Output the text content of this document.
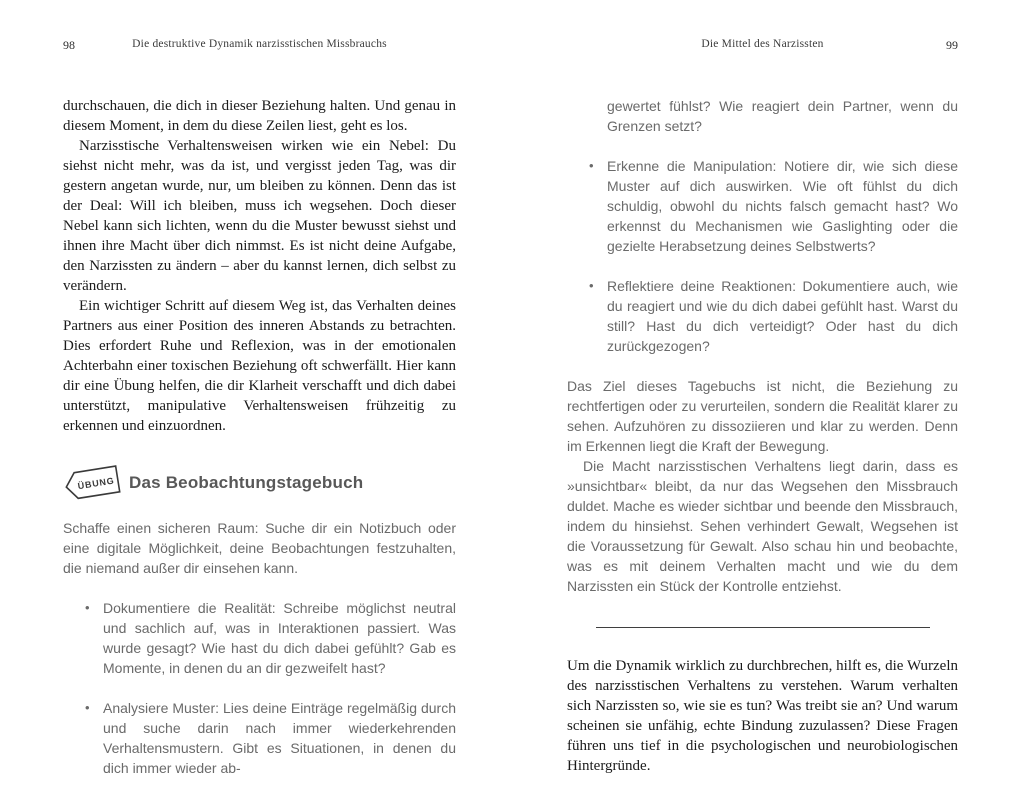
98	Die destruktive Dynamik narzisstischen Missbrauchs

durchschauen, die dich in dieser Beziehung halten. Und genau in diesem Moment, in dem du diese Zeilen liest, geht es los.

Narzisstische Verhaltensweisen wirken wie ein Nebel: Du siehst nicht mehr, was da ist, und vergisst jeden Tag, was dir gestern angetan wurde, nur, um bleiben zu können. Denn das ist der Deal: Will ich bleiben, muss ich wegsehen. Doch dieser Nebel kann sich lichten, wenn du die Muster bewusst siehst und ihnen ihre Macht über dich nimmst. Es ist nicht deine Aufgabe, den Narzissten zu ändern – aber du kannst lernen, dich selbst zu verändern.

Ein wichtiger Schritt auf diesem Weg ist, das Verhalten deines Partners aus einer Position des inneren Abstands zu betrachten. Dies erfordert Ruhe und Reflexion, was in der emotionalen Achterbahn einer toxischen Beziehung oft schwerfällt. Hier kann dir eine Übung helfen, die dir Klarheit verschafft und dich dabei unterstützt, manipulative Verhaltensweisen frühzeitig zu erkennen und einzuordnen.

ÜBUNG Das Beobachtungstagebuch

Schaffe einen sicheren Raum: Suche dir ein Notizbuch oder eine digitale Möglichkeit, deine Beobachtungen festzuhalten, die niemand außer dir einsehen kann.

• Dokumentiere die Realität: Schreibe möglichst neutral und sachlich auf, was in Interaktionen passiert. Was wurde gesagt? Wie hast du dich dabei gefühlt? Gab es Momente, in denen du an dir gezweifelt hast?
• Analysiere Muster: Lies deine Einträge regelmäßig durch und suche darin nach immer wiederkehrenden Verhaltensmustern. Gibt es Situationen, in denen du dich immer wieder ab-
Die Mittel des Narzissten	99

gewertet fühlst? Wie reagiert dein Partner, wenn du Grenzen setzt?

• Erkenne die Manipulation: Notiere dir, wie sich diese Muster auf dich auswirken. Wie oft fühlst du dich schuldig, obwohl du nichts falsch gemacht hast? Wo erkennst du Mechanismen wie Gaslighting oder die gezielte Herabsetzung deines Selbstwerts?
• Reflektiere deine Reaktionen: Dokumentiere auch, wie du reagiert und wie du dich dabei gefühlt hast. Warst du still? Hast du dich verteidigt? Oder hast du dich zurückgezogen?

Das Ziel dieses Tagebuchs ist nicht, die Beziehung zu rechtfertigen oder zu verurteilen, sondern die Realität klarer zu sehen. Aufzuhören zu dissoziieren und klar zu werden. Denn im Erkennen liegt die Kraft der Bewegung.

Die Macht narzisstischen Verhaltens liegt darin, dass es »unsichtbar« bleibt, da nur das Wegsehen den Missbrauch duldet. Mache es wieder sichtbar und beende den Missbrauch, indem du hinsiehst. Sehen verhindert Gewalt, Wegsehen ist die Voraussetzung für Gewalt. Also schau hin und beobachte, was es mit deinem Verhalten macht und wie du dem Narzissten ein Stück der Kontrolle entziehst.

Um die Dynamik wirklich zu durchbrechen, hilft es, die Wurzeln des narzisstischen Verhaltens zu verstehen. Warum verhalten sich Narzissten so, wie sie es tun? Was treibt sie an? Und warum scheinen sie unfähig, echte Bindung zuzulassen? Diese Fragen führen uns tief in die psychologischen und neurobiologischen Hintergründe.
